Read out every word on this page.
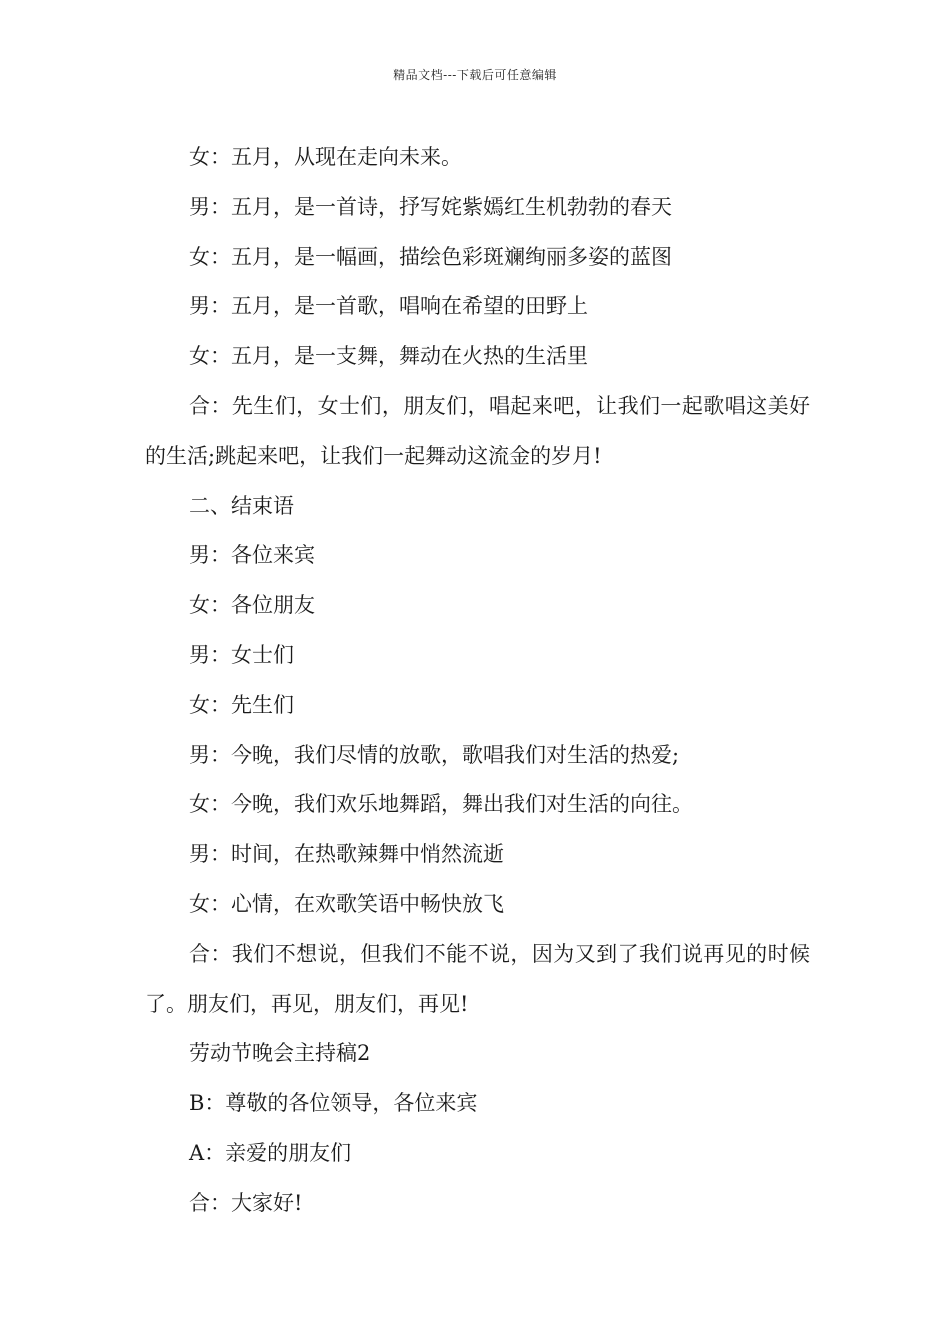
精品文档---下载后可任意编辑
女：五月，从现在走向未来。
男：五月，是一首诗，抒写姹紫嫣红生机勃勃的春天
女：五月，是一幅画，描绘色彩斑斓绚丽多姿的蓝图
男：五月，是一首歌，唱响在希望的田野上
女：五月，是一支舞，舞动在火热的生活里
合：先生们，女士们，朋友们，唱起来吧，让我们一起歌唱这美好的生活;跳起来吧，让我们一起舞动这流金的岁月!
二、结束语
男：各位来宾
女：各位朋友
男：女士们
女：先生们
男：今晚，我们尽情的放歌，歌唱我们对生活的热爱;
女：今晚，我们欢乐地舞蹈，舞出我们对生活的向往。
男：时间，在热歌辣舞中悄然流逝
女：心情，在欢歌笑语中畅快放飞
合：我们不想说，但我们不能不说，因为又到了我们说再见的时候了。朋友们，再见，朋友们，再见!
劳动节晚会主持稿2
B：尊敬的各位领导，各位来宾
A：亲爱的朋友们
合：大家好!
